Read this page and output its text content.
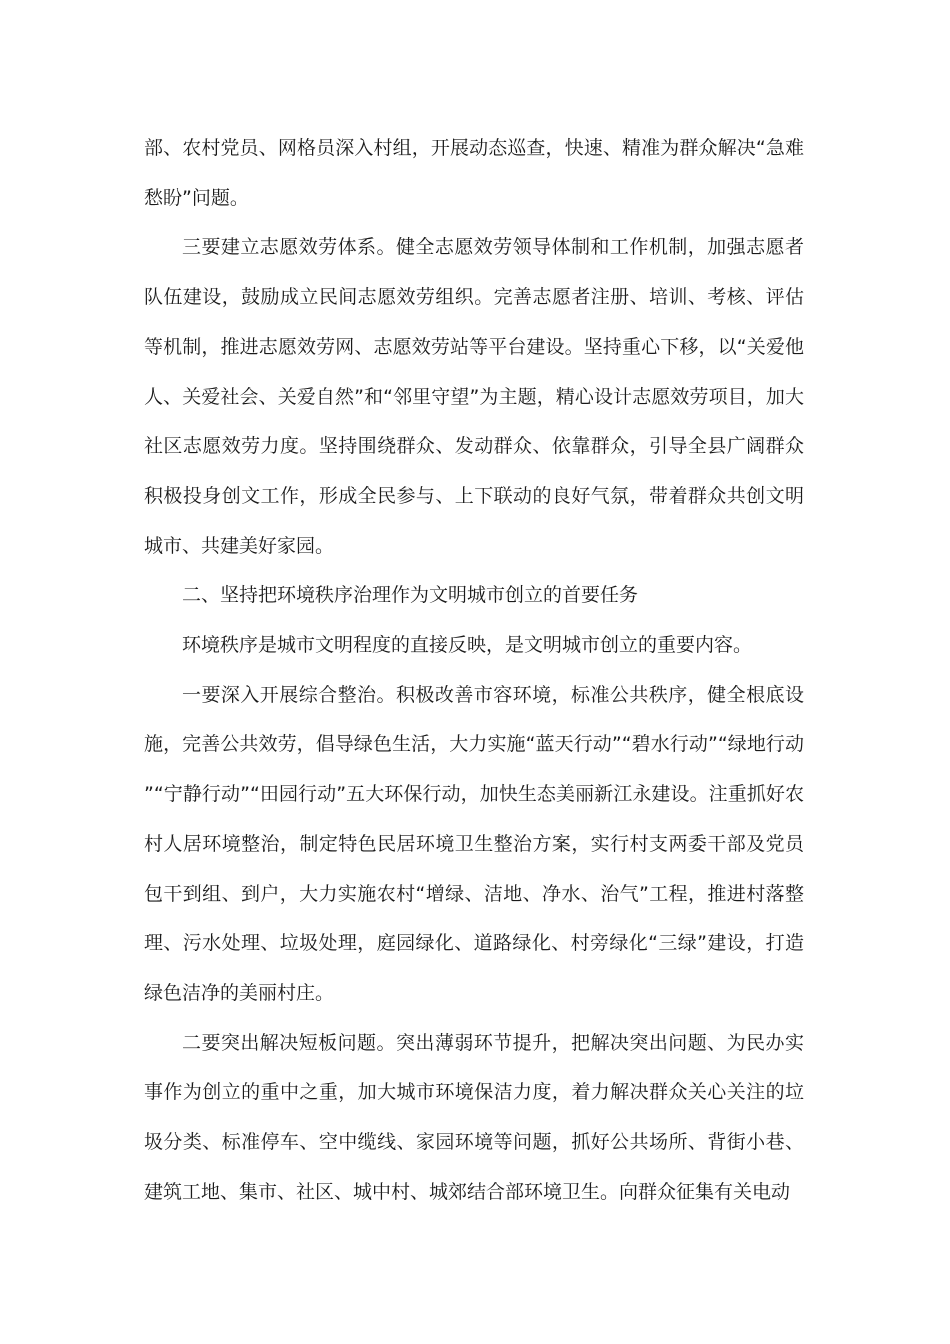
部、农村党员、网格员深入村组，开展动态巡查，快速、精准为群众解决“急难愁盼”问题。

三要建立志愿效劳体系。健全志愿效劳领导体制和工作机制，加强志愿者队伍建设，鼓励成立民间志愿效劳组织。完善志愿者注册、培训、考核、评估等机制，推进志愿效劳网、志愿效劳站等平台建设。坚持重心下移，以“关爱他人、关爱社会、关爱自然”和“邻里守望”为主题，精心设计志愿效劳项目，加大社区志愿效劳力度。坚持围绕群众、发动群众、依靠群众，引导全县广阔群众积极投身创文工作，形成全民参与、上下联动的良好气氛，带着群众共创文明城市、共建美好家园。

二、坚持把环境秩序治理作为文明城市创立的首要任务

环境秩序是城市文明程度的直接反映，是文明城市创立的重要内容。

一要深入开展综合整治。积极改善市容环境，标准公共秩序，健全根底设施，完善公共效劳，倡导绿色生活，大力实施“蓝天行动”“碧水行动”“绿地行动”“宁静行动”“田园行动”五大环保行动，加快生态美丽新江永建设。注重抓好农村人居环境整治，制定特色民居环境卫生整治方案，实行村支两委干部及党员包干到组、到户，大力实施农村“增绿、洁地、净水、治气”工程，推进村落整理、污水处理、垃圾处理，庭园绿化、道路绿化、村旁绿化“三绿”建设，打造绿色洁净的美丽村庄。

二要突出解决短板问题。突出薄弱环节提升，把解决突出问题、为民办实事作为创立的重中之重，加大城市环境保洁力度，着力解决群众关心关注的垃圾分类、标准停车、空中缆线、家园环境等问题，抓好公共场所、背街小巷、建筑工地、集市、社区、城中村、城郊结合部环境卫生。向群众征集有关电动
